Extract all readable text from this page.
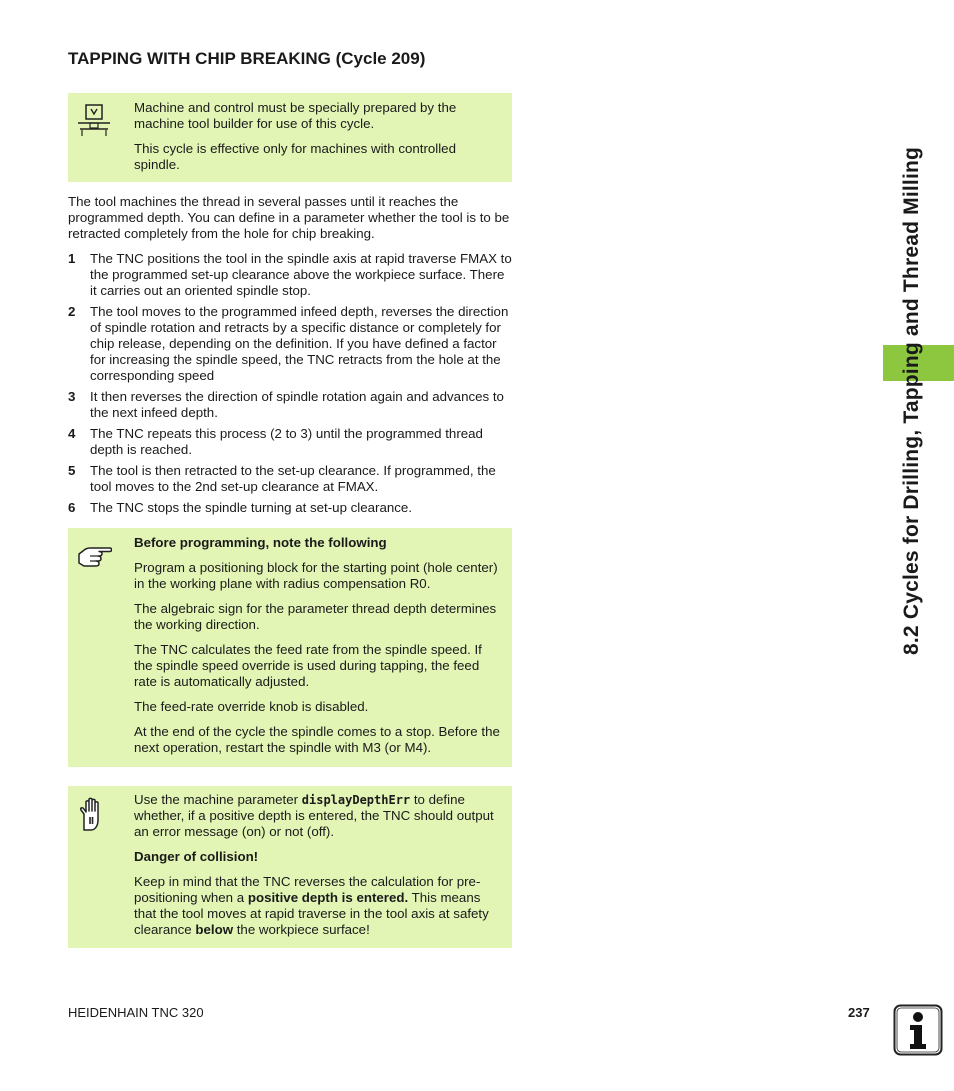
TAPPING WITH CHIP BREAKING (Cycle 209)

Machine and control must be specially prepared by the machine tool builder for use of this cycle.

This cycle is effective only for machines with controlled spindle.

The tool machines the thread in several passes until it reaches the programmed depth. You can define in a parameter whether the tool is to be retracted completely from the hole for chip breaking.

1 The TNC positions the tool in the spindle axis at rapid traverse FMAX to the programmed set-up clearance above the workpiece surface. There it carries out an oriented spindle stop.
2 The tool moves to the programmed infeed depth, reverses the direction of spindle rotation and retracts by a specific distance or completely for chip release, depending on the definition. If you have defined a factor for increasing the spindle speed, the TNC retracts from the hole at the corresponding speed
3 It then reverses the direction of spindle rotation again and advances to the next infeed depth.
4 The TNC repeats this process (2 to 3) until the programmed thread depth is reached.
5 The tool is then retracted to the set-up clearance. If programmed, the tool moves to the 2nd set-up clearance at FMAX.
6 The TNC stops the spindle turning at set-up clearance.

Before programming, note the following

Program a positioning block for the starting point (hole center) in the working plane with radius compensation R0.

The algebraic sign for the parameter thread depth determines the working direction.

The TNC calculates the feed rate from the spindle speed. If the spindle speed override is used during tapping, the feed rate is automatically adjusted.

The feed-rate override knob is disabled.

At the end of the cycle the spindle comes to a stop. Before the next operation, restart the spindle with M3 (or M4).

Use the machine parameter displayDepthErr to define whether, if a positive depth is entered, the TNC should output an error message (on) or not (off).

Danger of collision!

Keep in mind that the TNC reverses the calculation for pre-positioning when a positive depth is entered. This means that the tool moves at rapid traverse in the tool axis at safety clearance below the workpiece surface!

8.2 Cycles for Drilling, Tapping and Thread Milling
HEIDENHAIN TNC 320	237
